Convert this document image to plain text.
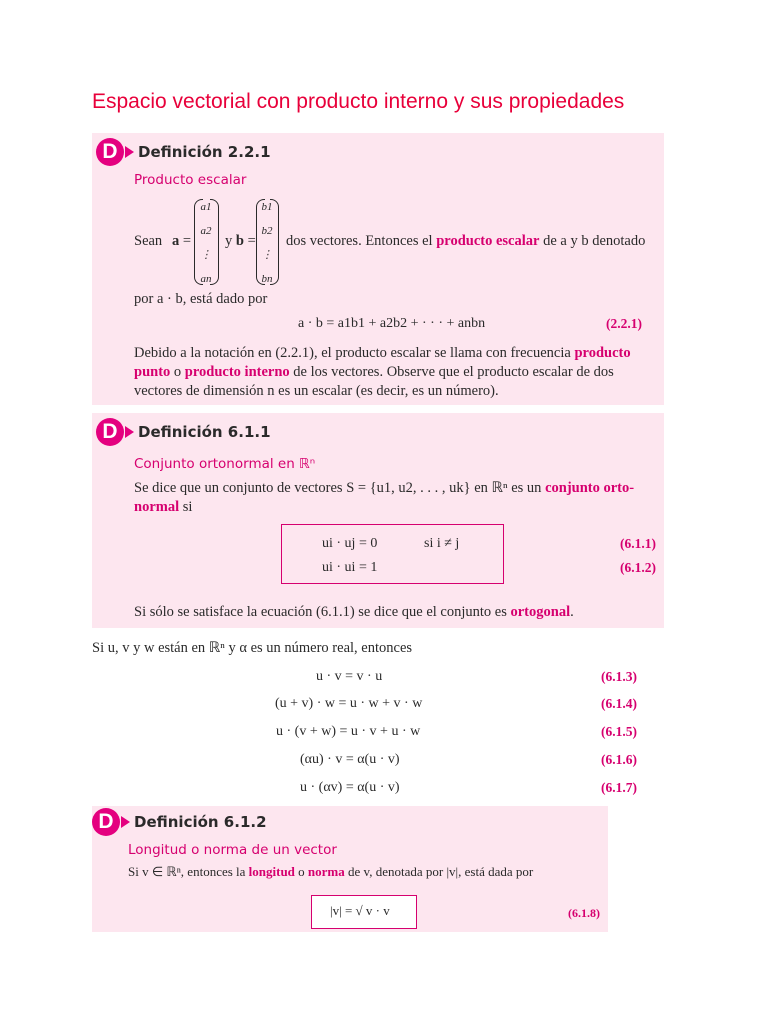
Espacio vectorial con producto interno y sus propiedades
D	Definición 2.2.1
Producto escalar
Sean a =
a1
a2
⋮
an
y b =
b1
b2
⋮
bn
dos vectores. Entonces el producto escalar de a y b denotado
por a · b, está dado por
a · b = a1b1 + a2b2 + · · · + anbn	(2.2.1)
Debido a la notación en (2.2.1), el producto escalar se llama con frecuencia producto punto o producto interno de los vectores. Observe que el producto escalar de dos vectores de dimensión n es un escalar (es decir, es un número).
D	Definición 6.1.1
Conjunto ortonormal en ℝⁿ
Se dice que un conjunto de vectores S = {u1, u2, . . . , uk} en ℝⁿ es un conjunto orto- normal si
ui · uj = 0	si i ≠ j	(6.1.1)
ui · ui = 1	(6.1.2)
Si sólo se satisface la ecuación (6.1.1) se dice que el conjunto es ortogonal.
Si u, v y w están en ℝⁿ y α es un número real, entonces
u · v = v · u	(6.1.3)
(u + v) · w = u · w + v · w	(6.1.4)
u · (v + w) = u · v + u · w	(6.1.5)
(αu) · v = α(u · v)	(6.1.6)
u · (αv) = α(u · v)	(6.1.7)
D	Definición 6.1.2
Longitud o norma de un vector
Si v ∈ ℝⁿ, entonces la longitud o norma de v, denotada por |v|, está dada por
|v| = √ v · v	(6.1.8)
